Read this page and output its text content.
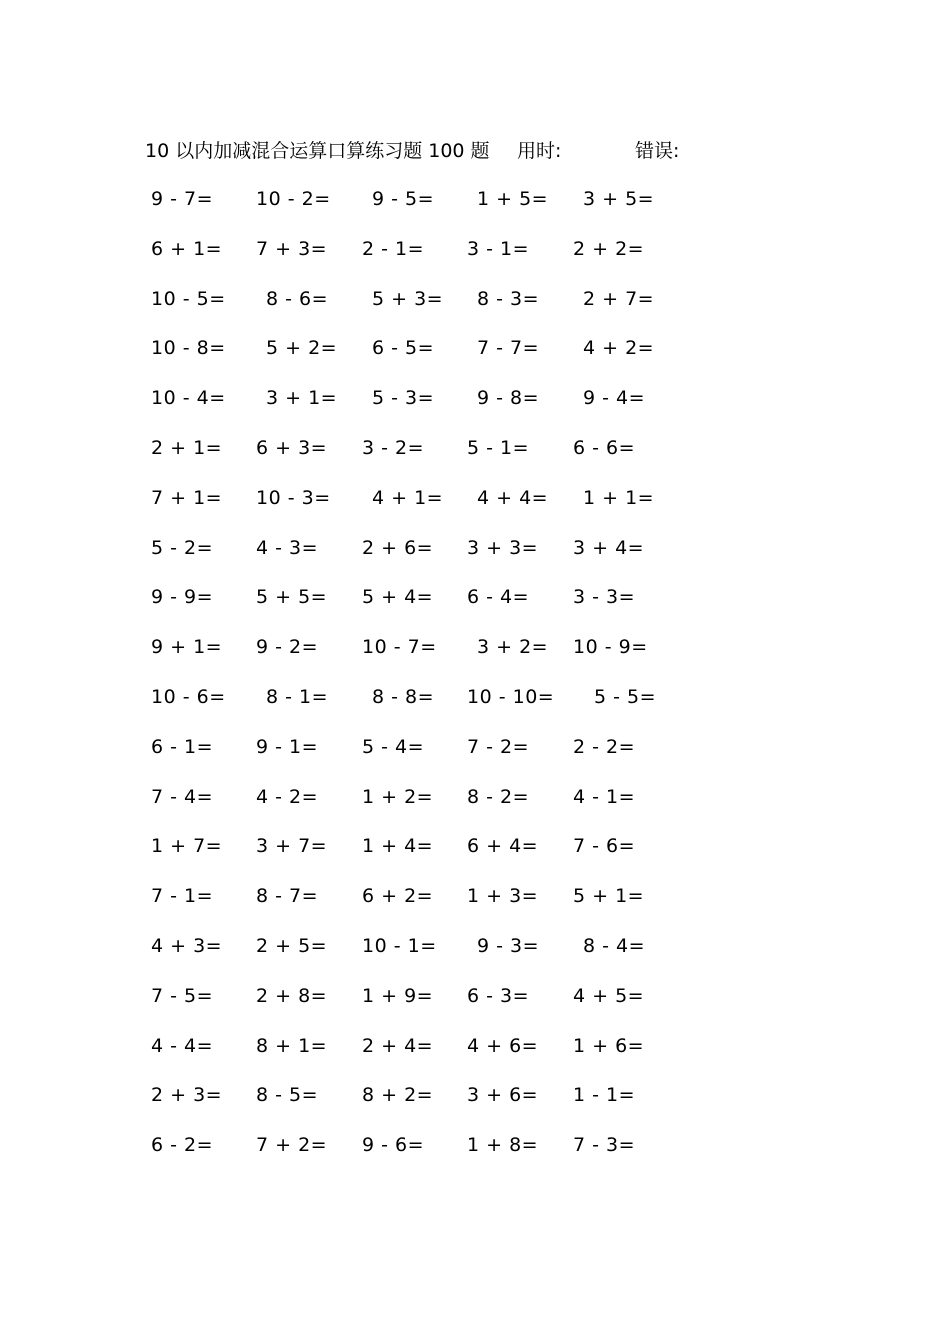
10 以内加减混合运算口算练习题 100 题 用时:	错误:
9 - 7= 10 - 2= 9 - 5= 1 + 5= 3 + 5=
6 + 1= 7 + 3= 2 - 1= 3 - 1= 2 + 2=
10 - 5= 8 - 6= 5 + 3= 8 - 3= 2 + 7=
10 - 8= 5 + 2= 6 - 5= 7 - 7= 4 + 2=
10 - 4= 3 + 1= 5 - 3= 9 - 8= 9 - 4=
2 + 1= 6 + 3= 3 - 2= 5 - 1= 6 - 6=
7 + 1= 10 - 3= 4 + 1= 4 + 4= 1 + 1=
5 - 2= 4 - 3= 2 + 6= 3 + 3= 3 + 4=
9 - 9= 5 + 5= 5 + 4= 6 - 4= 3 - 3=
9 + 1= 9 - 2= 10 - 7= 3 + 2= 10 - 9=
10 - 6= 8 - 1= 8 - 8= 10 - 10= 5 - 5=
6 - 1= 9 - 1= 5 - 4= 7 - 2= 2 - 2=
7 - 4= 4 - 2= 1 + 2= 8 - 2= 4 - 1=
1 + 7= 3 + 7= 1 + 4= 6 + 4= 7 - 6=
7 - 1= 8 - 7= 6 + 2= 1 + 3= 5 + 1=
4 + 3= 2 + 5= 10 - 1= 9 - 3= 8 - 4=
7 - 5= 2 + 8= 1 + 9= 6 - 3= 4 + 5=
4 - 4= 8 + 1= 2 + 4= 4 + 6= 1 + 6=
2 + 3= 8 - 5= 8 + 2= 3 + 6= 1 - 1=
6 - 2= 7 + 2= 9 - 6= 1 + 8= 7 - 3=
